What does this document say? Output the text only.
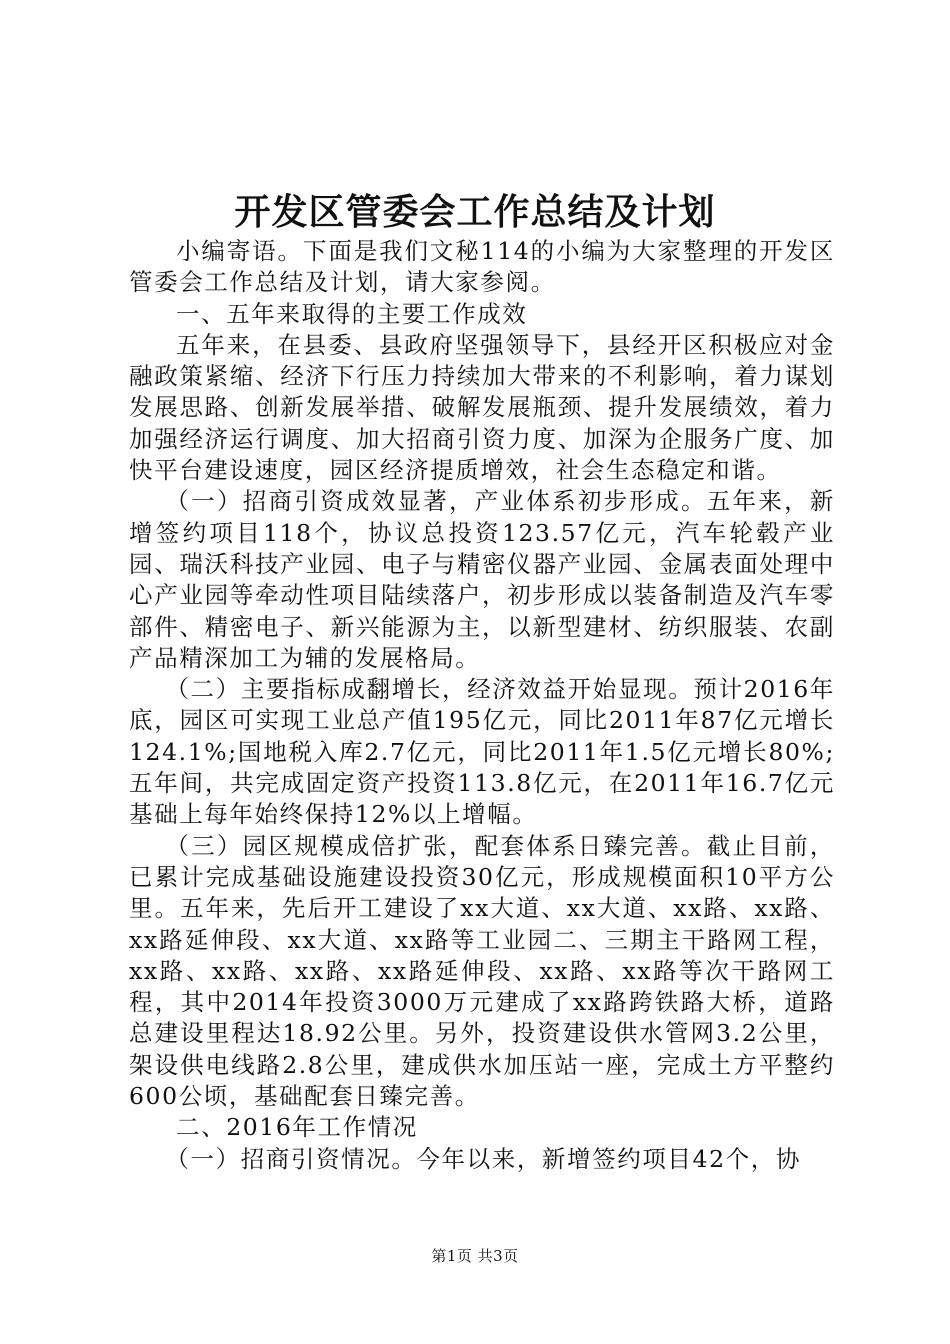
开发区管委会工作总结及计划

小编寄语。下面是我们文秘114的小编为大家整理的开发区管委会工作总结及计划，请大家参阅。

一、五年来取得的主要工作成效

五年来，在县委、县政府坚强领导下，县经开区积极应对金融政策紧缩、经济下行压力持续加大带来的不利影响，着力谋划发展思路、创新发展举措、破解发展瓶颈、提升发展绩效，着力加强经济运行调度、加大招商引资力度、加深为企服务广度、加快平台建设速度，园区经济提质增效，社会生态稳定和谐。

（一）招商引资成效显著，产业体系初步形成。五年来，新增签约项目118个，协议总投资123.57亿元，汽车轮毂产业园、瑞沃科技产业园、电子与精密仪器产业园、金属表面处理中心产业园等牵动性项目陆续落户，初步形成以装备制造及汽车零部件、精密电子、新兴能源为主，以新型建材、纺织服装、农副产品精深加工为辅的发展格局。

（二）主要指标成翻增长，经济效益开始显现。预计2016年底，园区可实现工业总产值195亿元，同比2011年87亿元增长124.1%;国地税入库2.7亿元，同比2011年1.5亿元增长80%;五年间，共完成固定资产投资113.8亿元，在2011年16.7亿元基础上每年始终保持12%以上增幅。

（三）园区规模成倍扩张，配套体系日臻完善。截止目前，已累计完成基础设施建设投资30亿元，形成规模面积10平方公里。五年来，先后开工建设了xx大道、xx大道、xx路、xx路、xx路延伸段、xx大道、xx路等工业园二、三期主干路网工程，xx路、xx路、xx路、xx路延伸段、xx路、xx路等次干路网工程，其中2014年投资3000万元建成了xx路跨铁路大桥，道路总建设里程达18.92公里。另外，投资建设供水管网3.2公里，架设供电线路2.8公里，建成供水加压站一座，完成土方平整约600公顷，基础配套日臻完善。

二、2016年工作情况

（一）招商引资情况。今年以来，新增签约项目42个，协

第1页 共3页
